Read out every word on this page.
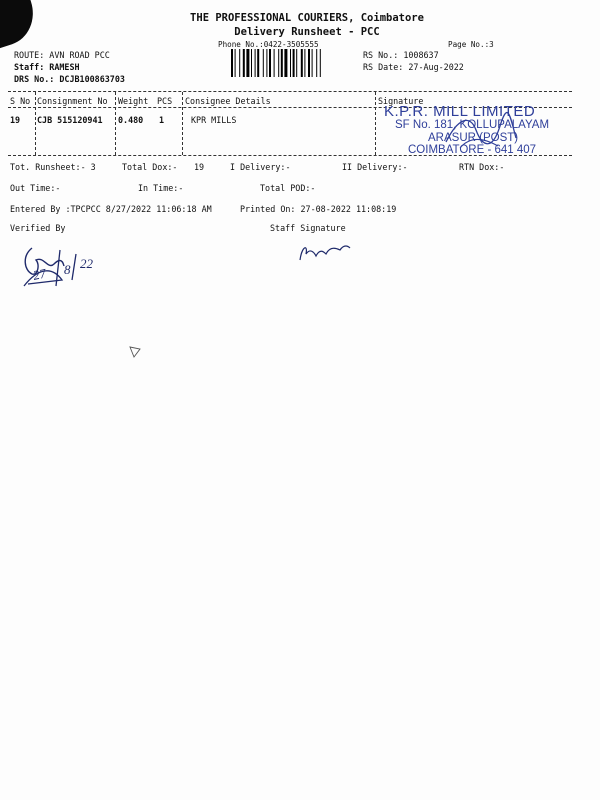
THE PROFESSIONAL COURIERS, Coimbatore
Delivery Runsheet - PCC
Phone No.:0422-3505555	Page No.:3
ROUTE: AVN ROAD PCC
Staff: RAMESH
DRS No.: DCJB100863703
RS No.: 1008637
RS Date: 27-Aug-2022
S No Consignment No Weight PCS Consignee Details	Signature
19 CJB 515120941 0.480 1	KPR MILLS	K.P.R. MILL LIMITED
SF No. 181, KOLLUPALAYAM
ARASUR (POST)
COIMBATORE - 641 407
Tot. Runsheet:- 3	Total Dox:- 19	I Delivery:-	II Delivery:-	RTN Dox:-
Out Time:-	In Time:-	Total POD:-
Entered By :TPCPCC 8/27/2022 11:06:18 AM	Printed On: 27-08-2022 11:08:19
Verified By	Staff Signature
27 8 22
